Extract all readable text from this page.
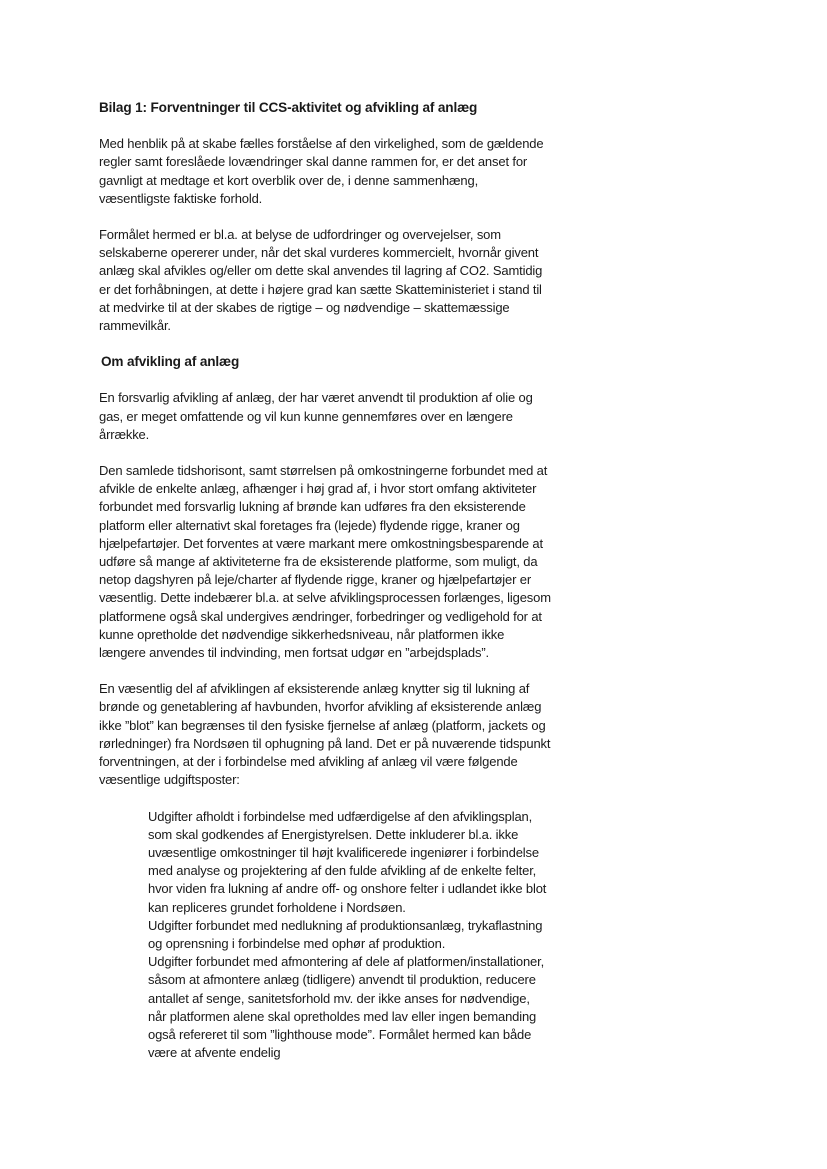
Bilag 1: Forventninger til CCS-aktivitet og afvikling af anlæg

Med henblik på at skabe fælles forståelse af den virkelighed, som de gældende regler samt foreslåede lovændringer skal danne rammen for, er det anset for gavnligt at medtage et kort overblik over de, i denne sammenhæng, væsentligste faktiske forhold.

Formålet hermed er bl.a. at belyse de udfordringer og overvejelser, som selskaberne opererer under, når det skal vurderes kommercielt, hvornår givent anlæg skal afvikles og/eller om dette skal anvendes til lagring af CO2. Samtidig er det forhåbningen, at dette i højere grad kan sætte Skatteministeriet i stand til at medvirke til at der skabes de rigtige – og nødvendige – skattemæssige rammevilkår.

Om afvikling af anlæg

En forsvarlig afvikling af anlæg, der har været anvendt til produktion af olie og gas, er meget omfattende og vil kun kunne gennemføres over en længere årrække.

Den samlede tidshorisont, samt størrelsen på omkostningerne forbundet med at afvikle de enkelte anlæg, afhænger i høj grad af, i hvor stort omfang aktiviteter forbundet med forsvarlig lukning af brønde kan udføres fra den eksisterende platform eller alternativt skal foretages fra (lejede) flydende rigge, kraner og hjælpefartøjer. Det forventes at være markant mere omkostningsbesparende at udføre så mange af aktiviteterne fra de eksisterende platforme, som muligt, da netop dagshyren på leje/charter af flydende rigge, kraner og hjælpefartøjer er væsentlig. Dette indebærer bl.a. at selve afviklingsprocessen forlænges, ligesom platformene også skal undergives ændringer, forbedringer og vedligehold for at kunne opretholde det nødvendige sikkerhedsniveau, når platformen ikke længere anvendes til indvinding, men fortsat udgør en ”arbejdsplads”.

En væsentlig del af afviklingen af eksisterende anlæg knytter sig til lukning af brønde og genetablering af havbunden, hvorfor afvikling af eksisterende anlæg ikke ”blot” kan begrænses til den fysiske fjernelse af anlæg (platform, jackets og rørledninger) fra Nordsøen til ophugning på land. Det er på nuværende tidspunkt forventningen, at der i forbindelse med afvikling af anlæg vil være følgende væsentlige udgiftsposter:

Udgifter afholdt i forbindelse med udfærdigelse af den afviklingsplan, som skal godkendes af Energistyrelsen. Dette inkluderer bl.a. ikke uvæsentlige omkostninger til højt kvalificerede ingeniører i forbindelse med analyse og projektering af den fulde afvikling af de enkelte felter, hvor viden fra lukning af andre off- og onshore felter i udlandet ikke blot kan repliceres grundet forholdene i Nordsøen.
Udgifter forbundet med nedlukning af produktionsanlæg, trykaflastning og oprensning i forbindelse med ophør af produktion.
Udgifter forbundet med afmontering af dele af platformen/installationer, såsom at afmontere anlæg (tidligere) anvendt til produktion, reducere antallet af senge, sanitetsforhold mv. der ikke anses for nødvendige, når platformen alene skal opretholdes med lav eller ingen bemanding også refereret til som ”lighthouse mode”. Formålet hermed kan både være at afvente endelig
